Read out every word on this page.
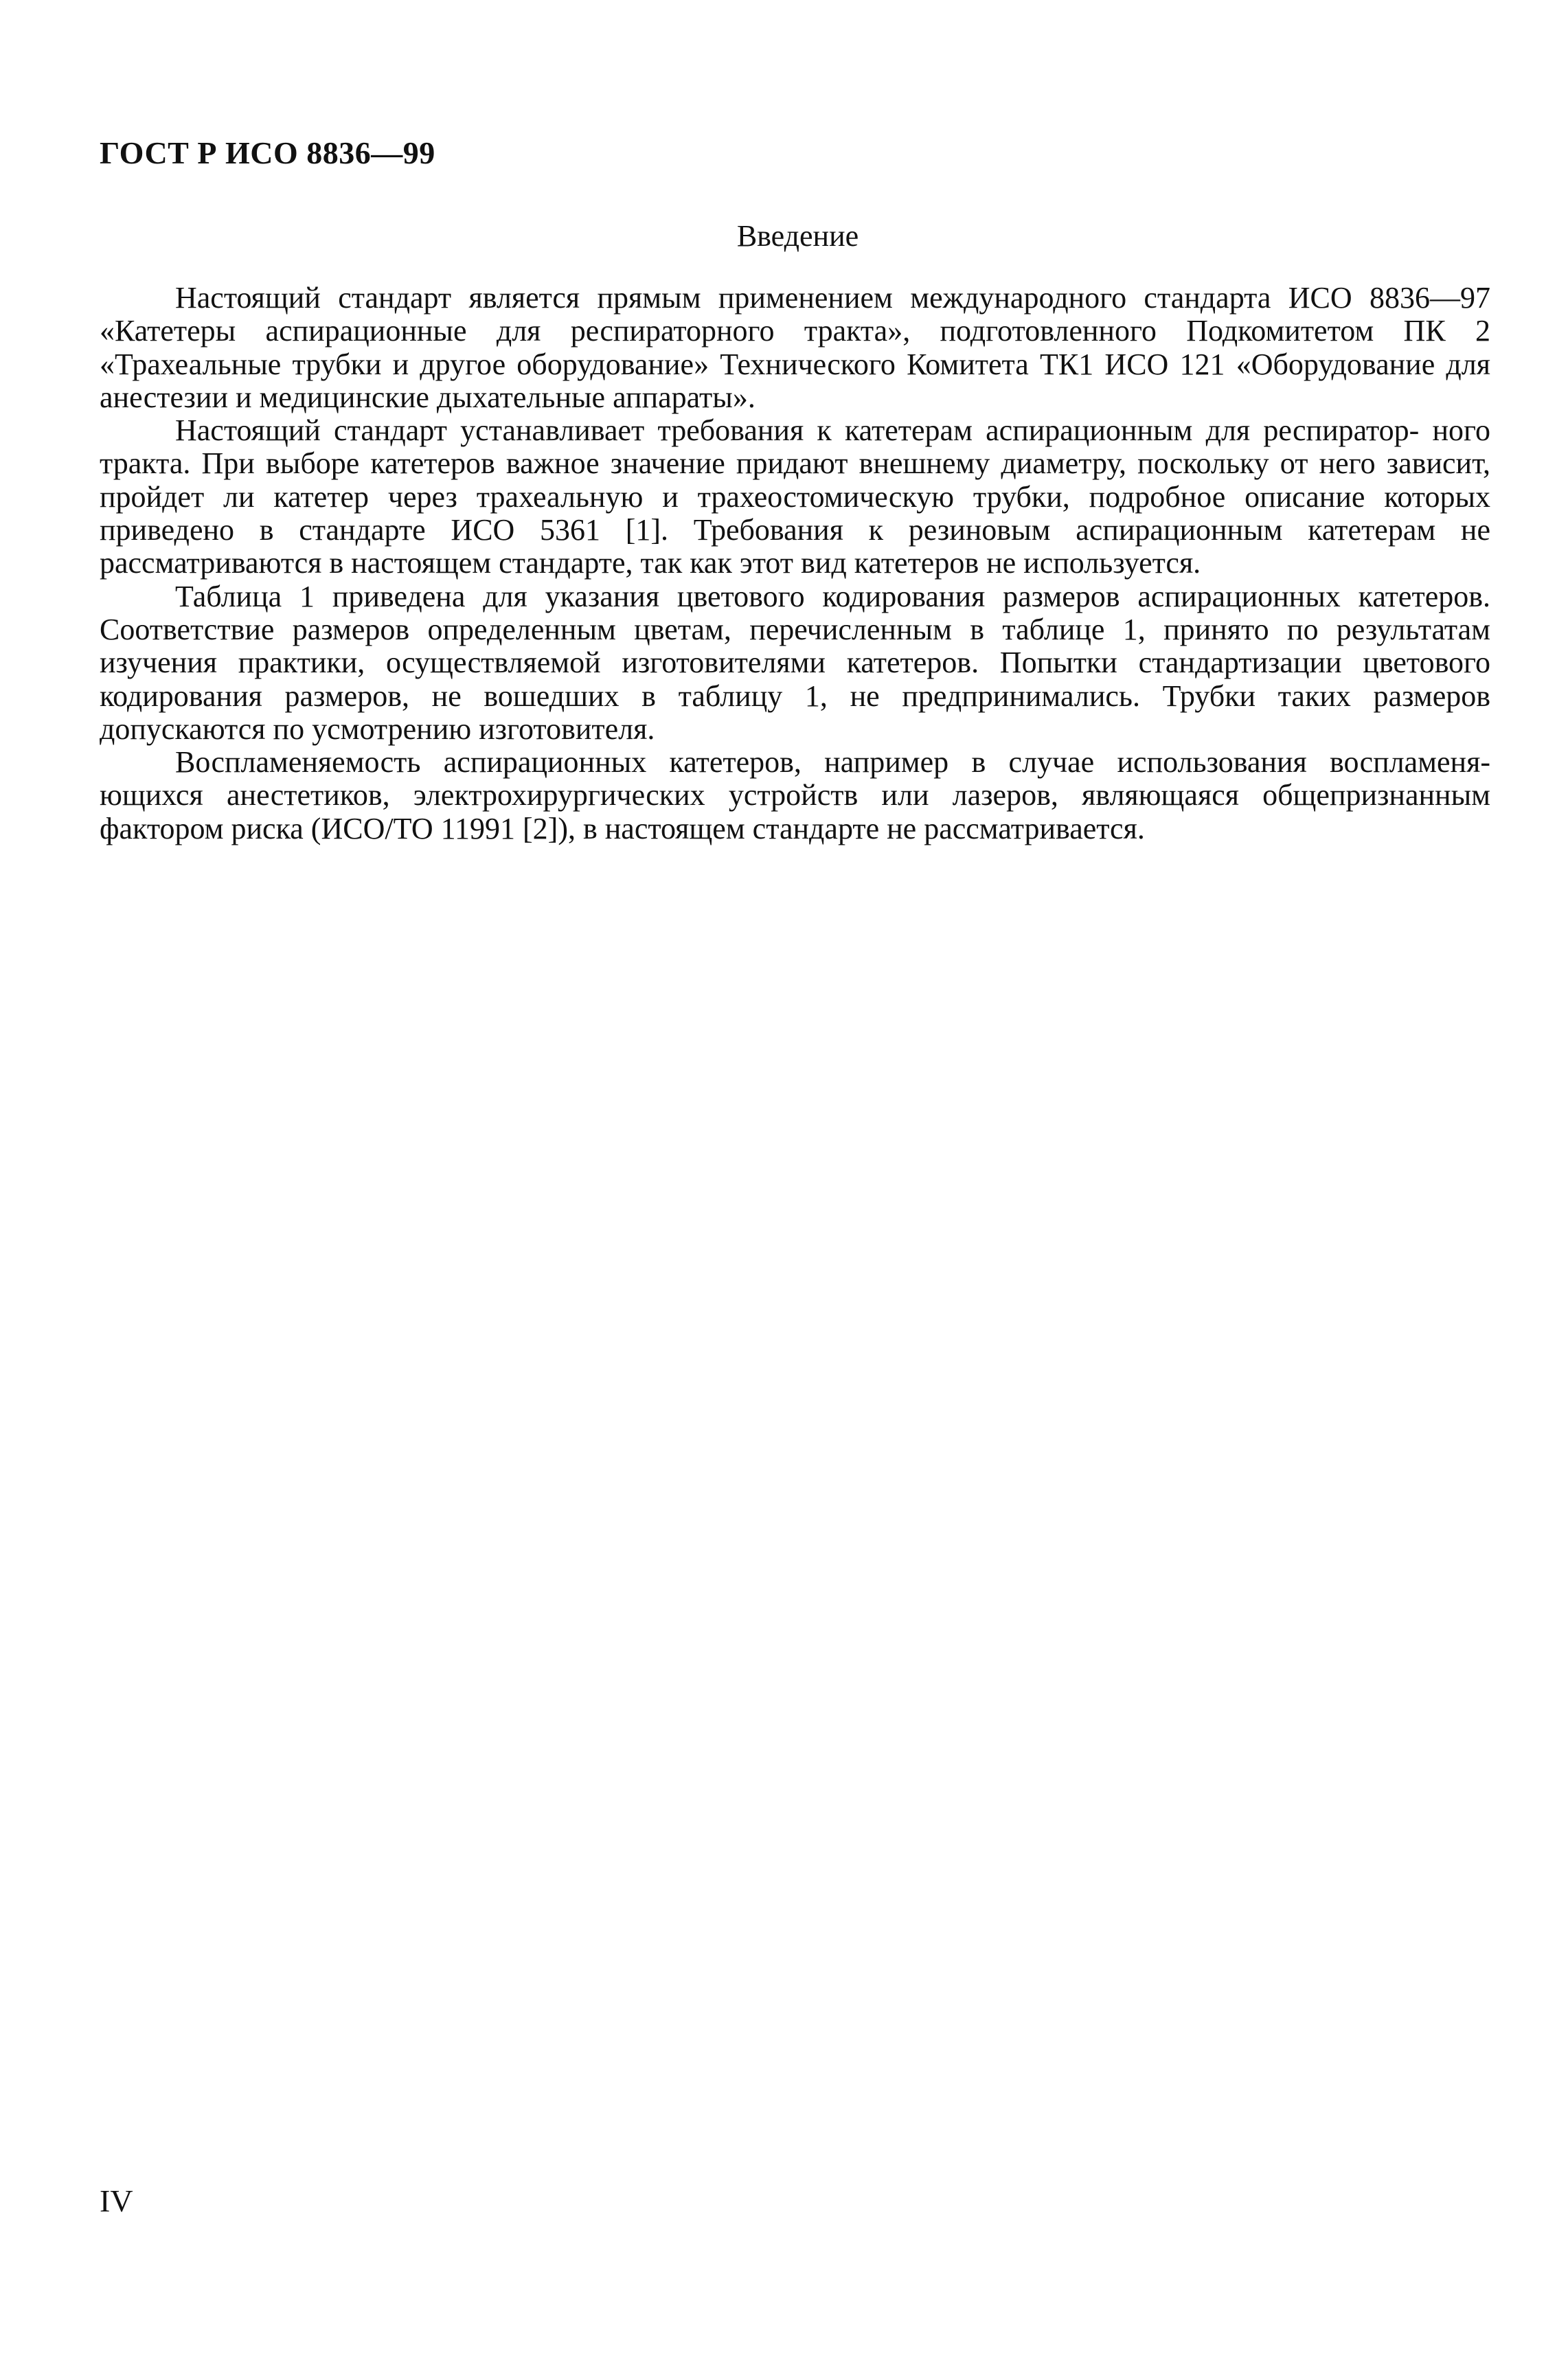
ГОСТ Р ИСО 8836—99
Введение

Настоящий стандарт является прямым применением международного стандарта ИСО 8836—97 «Катетеры аспирационные для респираторного тракта», подготовленного Подкомитетом ПК 2 «Трахеальные трубки и другое оборудование» Технического Комитета ТК1 ИСО 121 «Оборудование для анестезии и медицинские дыхательные аппараты».

Настоящий стандарт устанавливает требования к катетерам аспирационным для респиратор- ного тракта. При выборе катетеров важное значение придают внешнему диаметру, поскольку от него зависит, пройдет ли катетер через трахеальную и трахеостомическую трубки, подробное описание которых приведено в стандарте ИСО 5361 [1]. Требования к резиновым аспирационным катетерам не рассматриваются в настоящем стандарте, так как этот вид катетеров не используется.

Таблица 1 приведена для указания цветового кодирования размеров аспирационных катетеров. Соответствие размеров определенным цветам, перечисленным в таблице 1, принято по результатам изучения практики, осуществляемой изготовителями катетеров. Попытки стандартизации цветового кодирования размеров, не вошедших в таблицу 1, не предпринимались. Трубки таких размеров допускаются по усмотрению изготовителя.

Воспламеняемость аспирационных катетеров, например в случае использования воспламеня- ющихся анестетиков, электрохирургических устройств или лазеров, являющаяся общепризнанным фактором риска (ИСО/ТО 11991 [2]), в настоящем стандарте не рассматривается.

IV
